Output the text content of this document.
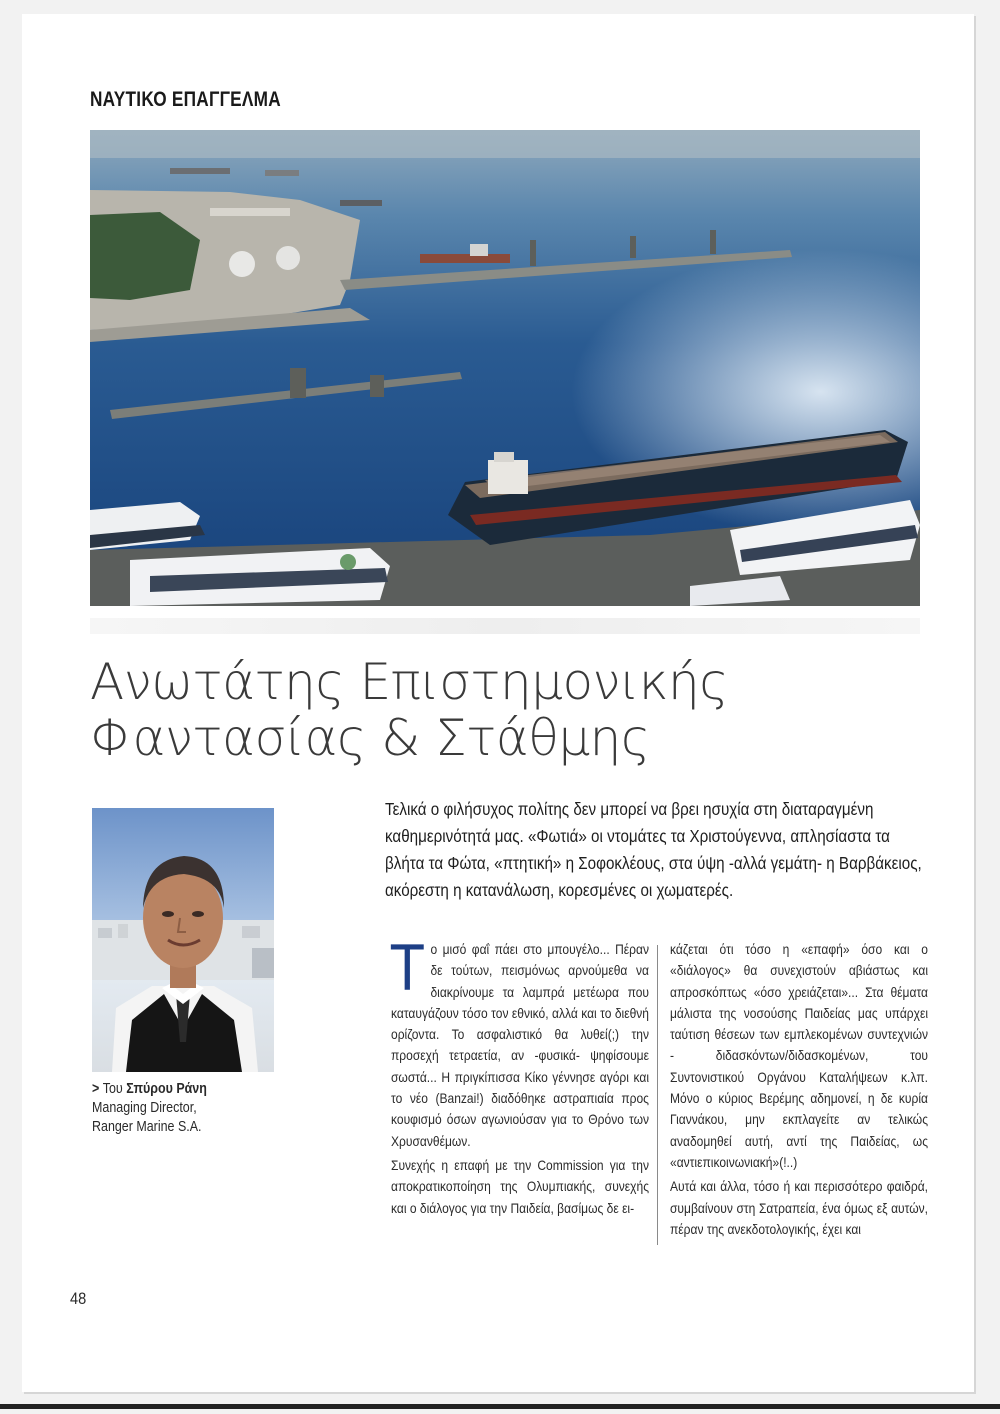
ΝΑΥΤΙΚΟ ΕΠΑΓΓΕΛΜΑ
Ανωτάτης Επιστημονικής
Φαντασίας & Στάθμης
> Του Σπύρου Ράνη
Managing Director,
Ranger Marine S.A.

Τελικά ο φιλήσυχος πολίτης δεν μπορεί να βρει ησυχία στη διαταραγμένη καθημερινότητά μας. «Φωτιά» οι ντομάτες τα Χριστούγεννα, απλησίαστα τα βλήτα τα Φώτα, «πτητική» η Σοφοκλέους, στα ύψη -αλλά γεμάτη- η Βαρβάκειος, ακόρεστη η κατανάλωση, κορεσμένες οι χωματερές.

Το μισό φαΐ πάει στο μπουγέλο... Πέραν δε τούτων, πεισμόνως αρνούμεθα να διακρίνουμε τα λαμπρά μετέωρα που καταυγάζουν τόσο τον εθνικό, αλλά και το διεθνή ορίζοντα. Το ασφαλιστικό θα λυθεί(;) την προσεχή τετραετία, αν -φυσικά- ψηφίσουμε σωστά... Η πριγκίπισσα Κίκο γέννησε αγόρι και το νέο (Banzai!) διαδόθηκε αστραπιαία προς κουφισμό όσων αγωνιούσαν για το Θρόνο των Χρυσανθέμων.

Συνεχής η επαφή με την Commission για την αποκρατικοποίηση της Ολυμπιακής, συνεχής και ο διάλογος για την Παιδεία, βασίμως δε ει-

κάζεται ότι τόσο η «επαφή» όσο και ο «διάλογος» θα συνεχιστούν αβιάστως και απροσκόπτως «όσο χρειάζεται»... Στα θέματα μάλιστα της νοσούσης Παιδείας μας υπάρχει ταύτιση θέσεων των εμπλεκομένων συντεχνιών - διδασκόντων/διδασκομένων, του Συντονιστικού Οργάνου Καταλήψεων κ.λπ. Μόνο ο κύριος Βερέμης αδημονεί, η δε κυρία Γιαννάκου, μην εκπλαγείτε αν τελικώς αναδομηθεί αυτή, αντί της Παιδείας, ως «αντιεπικοινωνιακή»(!..)

Αυτά και άλλα, τόσο ή και περισσότερο φαιδρά, συμβαίνουν στη Σατραπεία, ένα όμως εξ αυτών, πέραν της ανεκδοτολογικής, έχει και

48
